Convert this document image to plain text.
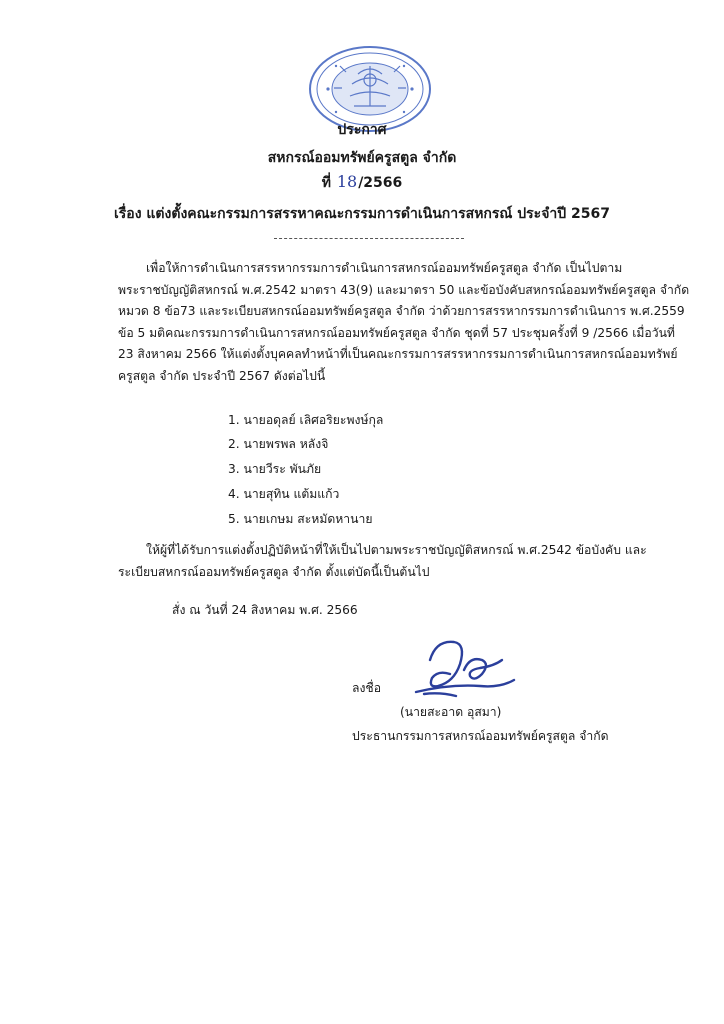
ประกาศ
สหกรณ์ออมทรัพย์ครูสตูล จำกัด
ที่ 18/2566
เรื่อง แต่งตั้งคณะกรรมการสรรหาคณะกรรมการดำเนินการสหกรณ์ ประจำปี 2567
เพื่อให้การดำเนินการสรรหากรรมการดำเนินการสหกรณ์ออมทรัพย์ครูสตูล จำกัด เป็นไปตาม
พระราชบัญญัติสหกรณ์ พ.ศ.2542 มาตรา 43(9) และมาตรา 50 และข้อบังคับสหกรณ์ออมทรัพย์ครูสตูล จำกัด
หมวด 8 ข้อ73 และระเบียบสหกรณ์ออมทรัพย์ครูสตูล จำกัด ว่าด้วยการสรรหากรรมการดำเนินการ พ.ศ.2559
ข้อ 5 มติคณะกรรมการดำเนินการสหกรณ์ออมทรัพย์ครูสตูล จำกัด ชุดที่ 57 ประชุมครั้งที่ 9 /2566 เมื่อวันที่
23 สิงหาคม 2566 ให้แต่งตั้งบุคคลทำหน้าที่เป็นคณะกรรมการสรรหากรรมการดำเนินการสหกรณ์ออมทรัพย์
ครูสตูล จำกัด ประจำปี 2567 ดังต่อไปนี้
1. นายอดุลย์ เลิศอริยะพงษ์กุล
2. นายพรพล หลังจิ
3. นายวีระ พันภัย
4. นายสุทิน แต้มแก้ว
5. นายเกษม สะหมัดหานาย
ให้ผู้ที่ได้รับการแต่งตั้งปฏิบัติหน้าที่ให้เป็นไปตามพระราชบัญญัติสหกรณ์ พ.ศ.2542 ข้อบังคับ และ
ระเบียบสหกรณ์ออมทรัพย์ครูสตูล จำกัด ตั้งแต่บัดนี้เป็นต้นไป
สั่ง ณ วันที่ 24 สิงหาคม พ.ศ. 2566
ลงชื่อ
(นายสะอาด อุสมา)
ประธานกรรมการสหกรณ์ออมทรัพย์ครูสตูล จำกัด
